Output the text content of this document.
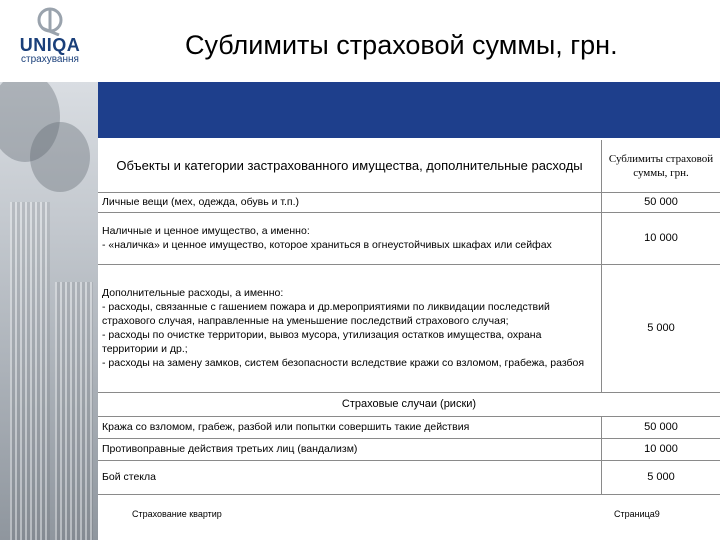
UNIQA
страхування	Сублимиты страховой суммы, грн.
Объекты и категории застрахованного имущества, дополнительные расходы	Сублимиты страховой суммы, грн.
Личные вещи (мех, одежда, обувь и т.п.)	50 000

Наличные и ценное имущество, а именно:
- «наличка» и ценное имущество, которое храниться в огнеустойчивых шкафах или сейфах	10 000

Дополнительные расходы, а именно:
- расходы, связанные с гашением пожара и др.мероприятиями по ликвидации последствий страхового случая, направленные на уменьшение последствий страхового случая;
- расходы по очистке территории, вывоз мусора, утилизация остатков имущества, охрана территории и др.;
- расходы на замену замков, систем безопасности вследствие кражи со взломом, грабежа, разбоя	5 000
Страховые случаи (риски)	
Кража со взломом, грабеж, разбой или попытки совершить такие действия	50 000
Противоправные действия третьих лиц (вандализм)	10 000
Бой стекла	5 000
Страхование квартир	Страница9
